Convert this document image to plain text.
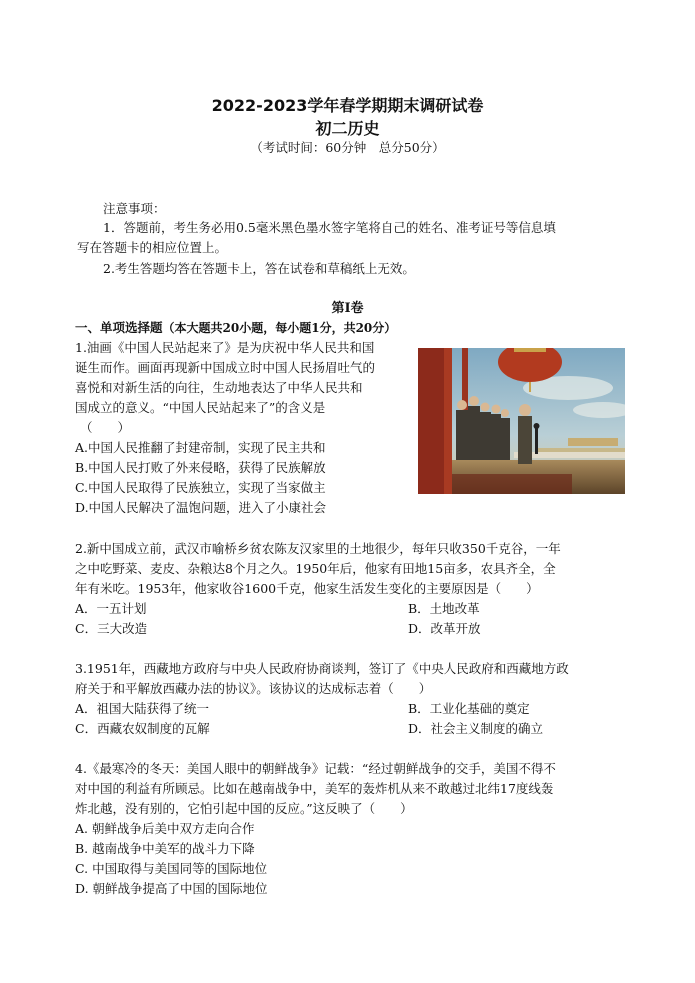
2022-2023学年春学期期末调研试卷
初二历史
（考试时间：60分钟　总分50分）
注意事项：
1．答题前，考生务必用0.5毫米黑色墨水签字笔将自己的姓名、准考证号等信息填
写在答题卡的相应位置上。
2.考生答题均答在答题卡上，答在试卷和草稿纸上无效。
第Ⅰ卷
一、单项选择题（本大题共20小题，每小题1分，共20分）
1.油画《中国人民站起来了》是为庆祝中华人民共和国
诞生而作。画面再现新中国成立时中国人民扬眉吐气的
喜悦和对新生活的向往，生动地表达了中华人民共和
国成立的意义。“中国人民站起来了”的含义是
（　　）
A.中国人民推翻了封建帝制，实现了民主共和
B.中国人民打败了外来侵略，获得了民族解放
C.中国人民取得了民族独立，实现了当家做主
D.中国人民解决了温饱问题，进入了小康社会
2.新中国成立前，武汉市喻桥乡贫农陈友汉家里的土地很少，每年只收350千克谷，一年
之中吃野菜、麦皮、杂粮达8个月之久。1950年后，他家有田地15亩多，农具齐全，全
年有米吃。1953年，他家收谷1600千克，他家生活发生变化的主要原因是（　　）
A．一五计划	B．土地改革
C．三大改造	D．改革开放
3.1951年，西藏地方政府与中央人民政府协商谈判，签订了《中央人民政府和西藏地方政
府关于和平解放西藏办法的协议》。该协议的达成标志着（　　）
A．祖国大陆获得了统一	B．工业化基础的奠定
C．西藏农奴制度的瓦解	D．社会主义制度的确立
4.《最寒冷的冬天：美国人眼中的朝鲜战争》记载：“经过朝鲜战争的交手，美国不得不
对中国的利益有所顾忌。比如在越南战争中，美军的轰炸机从来不敢越过北纬17度线轰
炸北越，没有别的，它怕引起中国的反应。”这反映了（　　）
A. 朝鲜战争后美中双方走向合作
B. 越南战争中美军的战斗力下降
C. 中国取得与美国同等的国际地位
D. 朝鲜战争提高了中国的国际地位
